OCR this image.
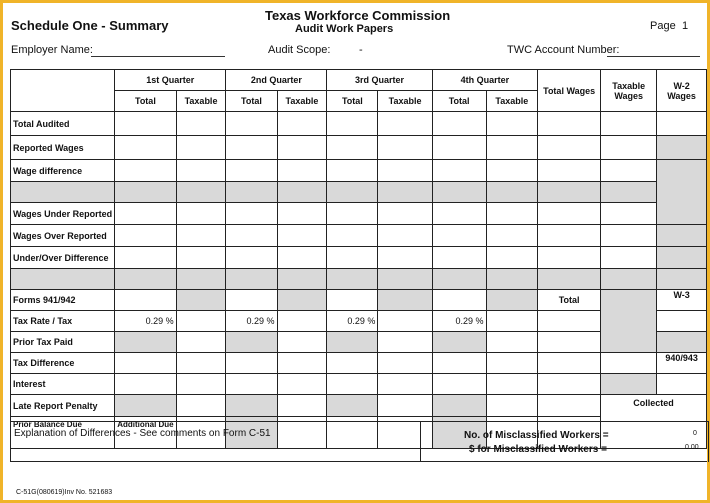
Schedule One - Summary
Texas Workforce Commission
Audit Work Papers	Page 1
Employer Name:	Audit Scope:	-	TWC Account Number:
	1st Quarter		2nd Quarter		3rd Quarter		4th Quarter		Total Wages	Taxable Wages	W-2 Wages
	Total	Taxable	Total	Taxable	Total	Taxable	Total	Taxable			
Total Audited											
Reported Wages											
Wage difference											

Wages Under Reported											
Wages Over Reported											
Under/Over Difference											

Forms 941/942									Total		W-3
Tax Rate / Tax	0.29 %		0.29 %		0.29 %		0.29 %				
Prior Tax Paid											
Tax Difference											940/943
Interest											
Late Report Penalty										Collected	
Prior Balance Due	Additional Due										
Explanation of Differences - See comments on Form C-51	No. of Misclassified Workers =	0
$ for Misclassified Workers =	0.00
C-51G(080619)Inv No. 521683
